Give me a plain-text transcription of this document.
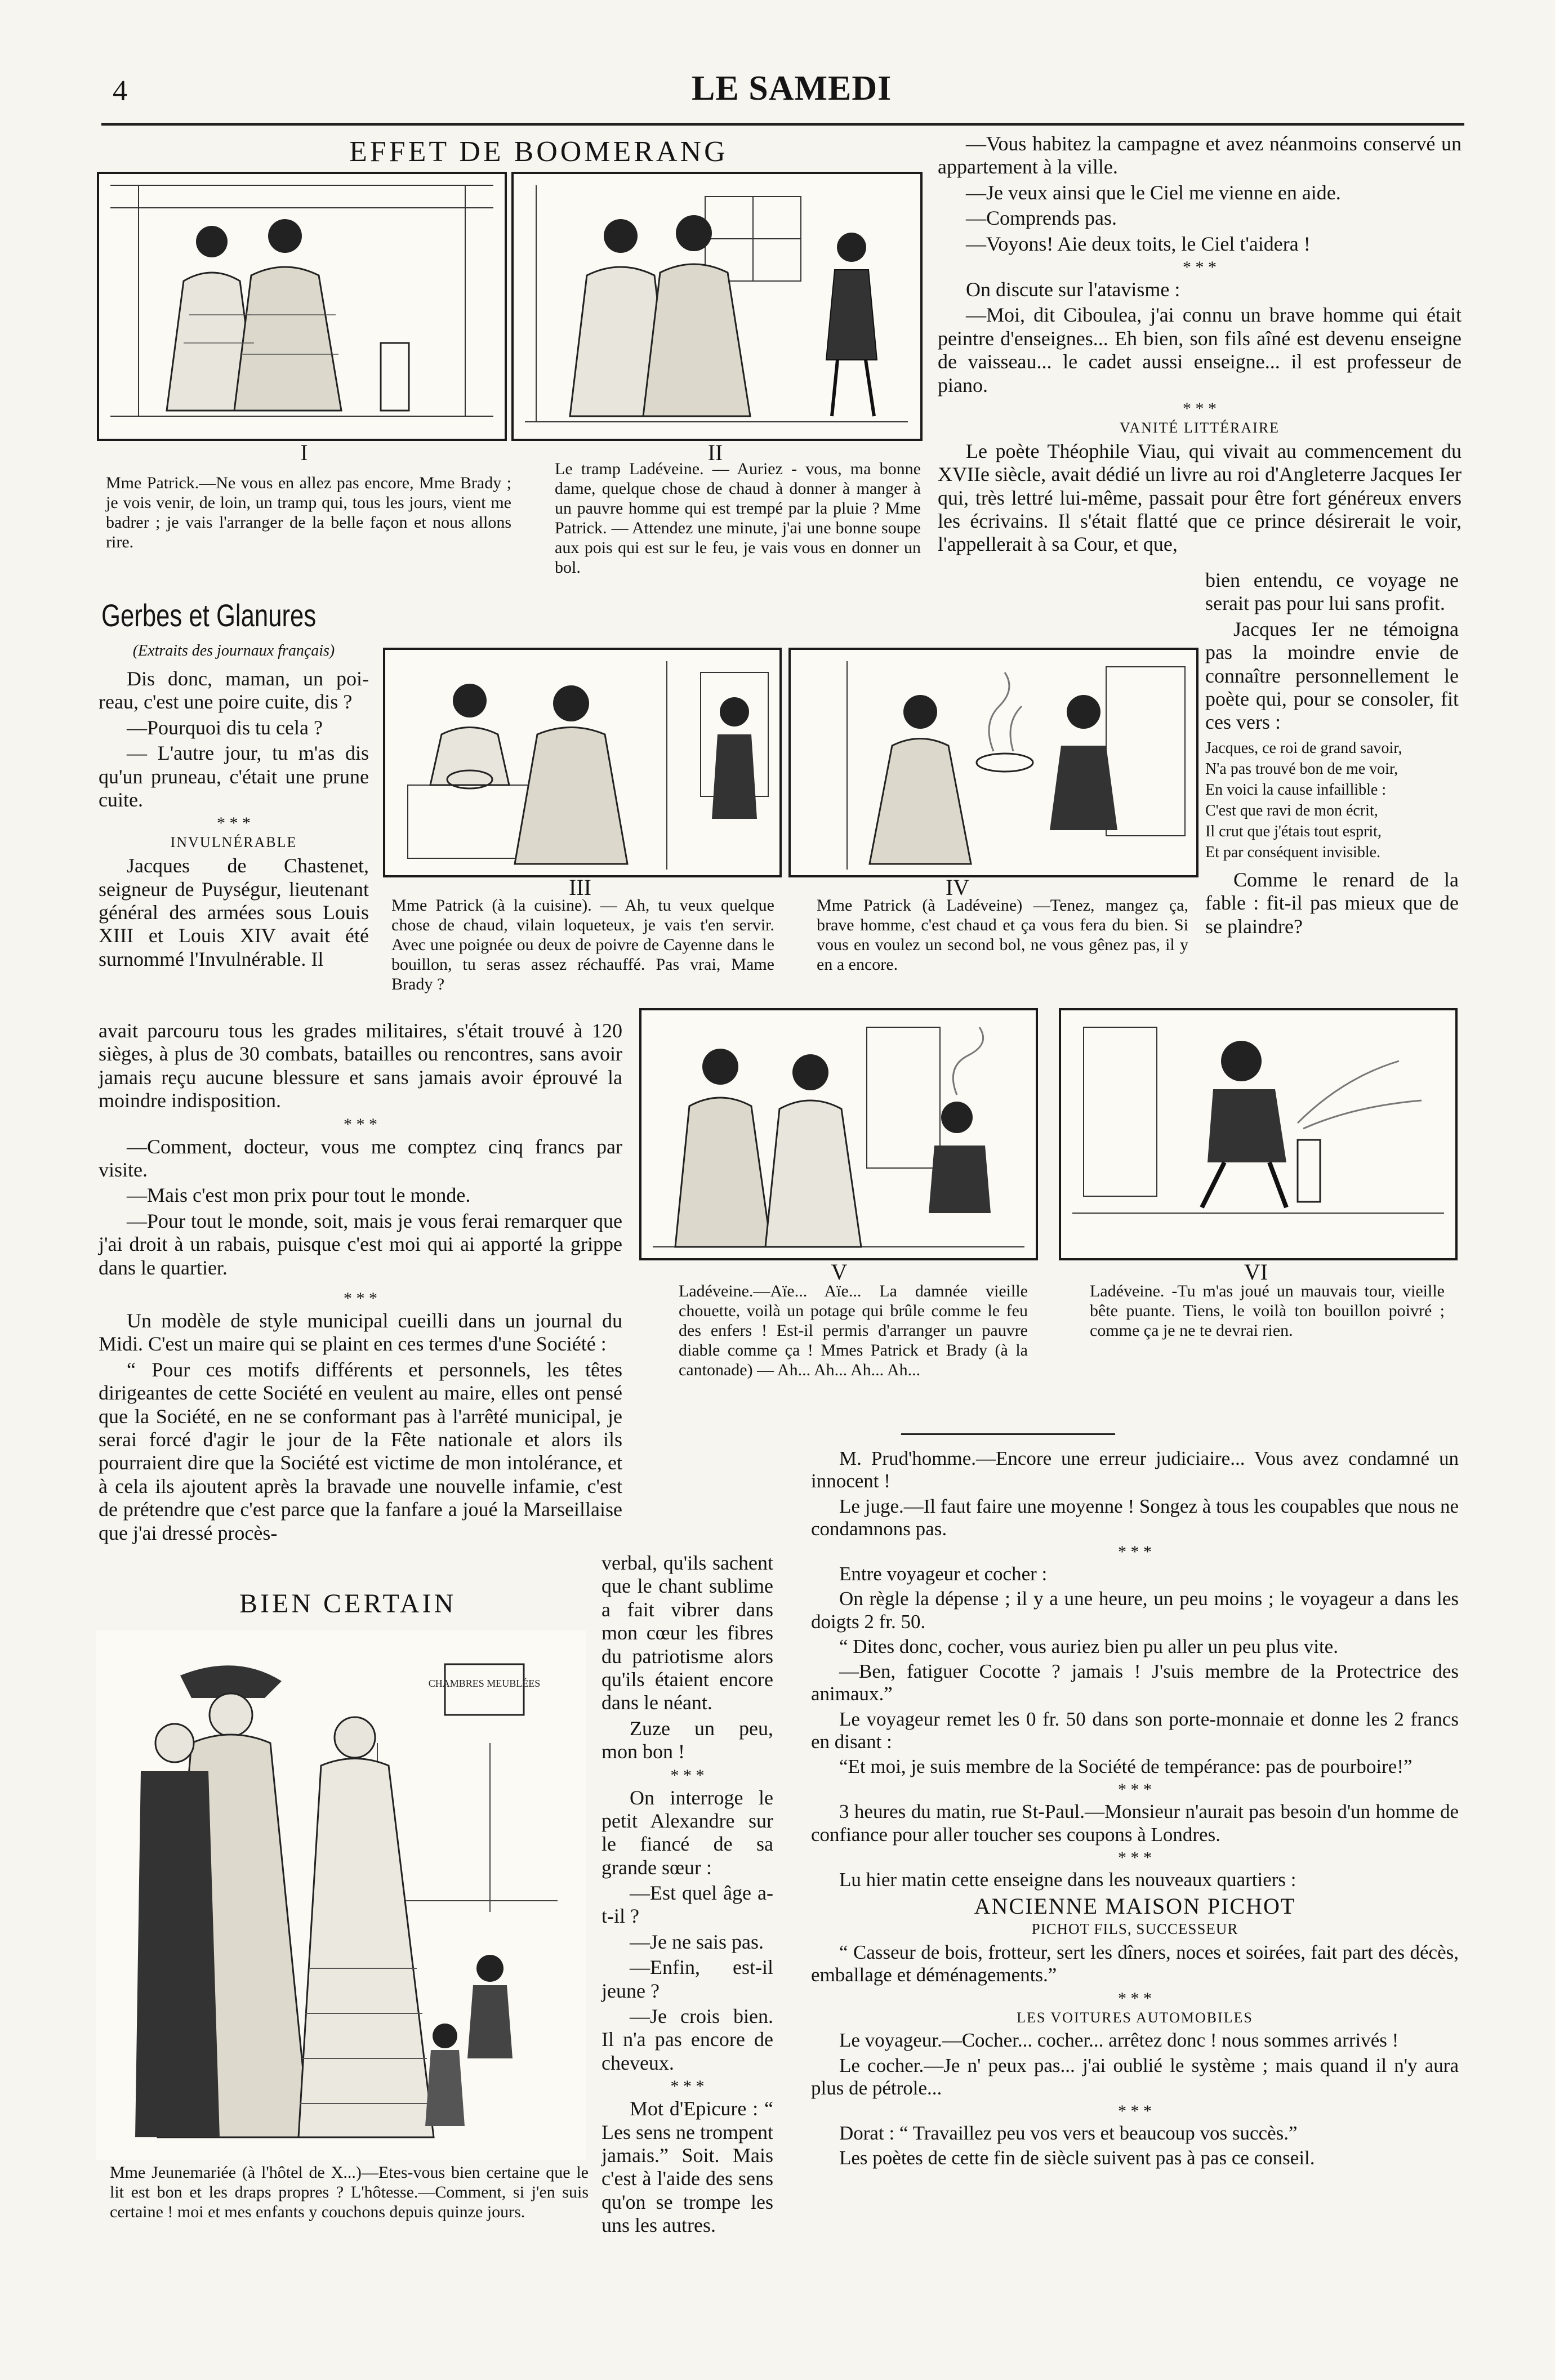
4	LE SAMEDI
EFFET DE BOOMERANG
I
Mme Patrick.—Ne vous en allez pas encore, Mme Brady ; je vois venir, de loin, un tramp qui, tous les jours, vient me badrer ; je vais l'arranger de la belle façon et nous allons rire.
II
Le tramp Ladéveine. — Auriez - vous, ma bonne dame, quelque chose de chaud à donner à manger à un pauvre homme qui est trempé par la pluie ? Mme Patrick. — Attendez une minute, j'ai une bonne soupe aux pois qui est sur le feu, je vais vous en donner un bol.
Gerbes et Glanures
(Extraits des journaux français)

Dis donc, maman, un poi-reau, c'est une poire cuite, dis ?

—Pourquoi dis tu cela ?

— L'autre jour, tu m'as dis qu'un pruneau, c'était une prune cuite.

* * *
INVULNÉRABLE

Jacques de Chastenet, seigneur de Puységur, lieutenant général des armées sous Louis XIII et Louis XIV avait été surnommé l'Invulnérable. Il

III
Mme Patrick (à la cuisine). — Ah, tu veux quelque chose de chaud, vilain loqueteux, je vais t'en servir. Avec une poignée ou deux de poivre de Cayenne dans le bouillon, tu seras assez réchauffé. Pas vrai, Mame Brady ?
IV
Mme Patrick (à Ladéveine) —Tenez, mangez ça, brave homme, c'est chaud et ça vous fera du bien. Si vous en voulez un second bol, ne vous gênez pas, il y en a encore.

avait parcouru tous les grades militaires, s'était trouvé à 120 sièges, à plus de 30 combats, batailles ou rencontres, sans avoir jamais reçu aucune blessure et sans jamais avoir éprouvé la moindre indisposition.

* * *

—Comment, docteur, vous me comptez cinq francs par visite.

—Mais c'est mon prix pour tout le monde.

—Pour tout le monde, soit, mais je vous ferai remarquer que j'ai droit à un rabais, puisque c'est moi qui ai apporté la grippe dans le quartier.	V
Ladéveine.—Aïe... Aïe... La damnée vieille chouette, voilà un potage qui brûle comme le feu des enfers ! Est-il permis d'arranger un pauvre diable comme ça ! Mmes Patrick et Brady (à la cantonade) — Ah... Ah... Ah... Ah...
VI
Ladéveine. -Tu m'as joué un mauvais tour, vieille bête puante. Tiens, le voilà ton bouillon poivré ; comme ça je ne te devrai rien.
* * *

Un modèle de style municipal cueilli dans un journal du Midi. C'est un maire qui se plaint en ces termes d'une Société :

“ Pour ces motifs différents et personnels, les têtes dirigeantes de cette Société en veulent au maire, elles ont pensé que la Société, en ne se conformant pas à l'arrêté municipal, je serai forcé d'agir le jour de la Fête nationale et alors ils pourraient dire que la Société est victime de mon intolérance, et à cela ils ajoutent après la bravade une nouvelle infamie, c'est de prétendre que c'est parce que la fanfare a joué la Marseillaise que j'ai dressé procès-

BIEN CERTAIN
CHAMBRES MEUBLÉES
Mme Jeunemariée (à l'hôtel de X...)—Etes-vous bien certaine que le lit est bon et les draps propres ? L'hôtesse.—Comment, si j'en suis certaine ! moi et mes enfants y couchons depuis quinze jours.

verbal, qu'ils sachent que le chant sublime a fait vibrer dans mon cœur les fibres du patriotisme alors qu'ils étaient encore dans le néant.

Zuze un peu, mon bon !

* * *

On interroge le petit Alexandre sur le fiancé de sa grande sœur :

—Est quel âge a-t-il ?

—Je ne sais pas.

—Enfin, est-il jeune ?

—Je crois bien. Il n'a pas encore de cheveux.

* * *

Mot d'Epicure : “ Les sens ne trompent jamais.” Soit. Mais c'est à l'aide des sens qu'on se trompe les uns les autres.

—Vous habitez la campagne et avez néanmoins conservé un appartement à la ville.

—Je veux ainsi que le Ciel me vienne en aide.

—Comprends pas.

—Voyons! Aie deux toits, le Ciel t'aidera !

* * *

On discute sur l'atavisme :

—Moi, dit Ciboulea, j'ai connu un brave homme qui était peintre d'enseignes... Eh bien, son fils aîné est devenu enseigne de vaisseau... le cadet aussi enseigne... il est professeur de piano.

* * *
VANITÉ LITTÉRAIRE

Le poète Théophile Viau, qui vivait au commencement du XVIIe siècle, avait dédié un livre au roi d'Angleterre Jacques Ier qui, très lettré lui-même, passait pour être fort généreux envers les écrivains. Il s'était flatté que ce prince désirerait le voir, l'appellerait à sa Cour, et que,

bien entendu, ce voyage ne serait pas pour lui sans profit.

Jacques Ier ne témoigna pas la moindre envie de connaître personnellement le poète qui, pour se consoler, fit ces vers :

Jacques, ce roi de grand savoir,

N'a pas trouvé bon de me voir,

En voici la cause infaillible :

C'est que ravi de mon écrit,

Il crut que j'étais tout esprit,

Et par conséquent invisible.

Comme le renard de la fable : fit-il pas mieux que de se plaindre?

M. Prud'homme.—Encore une erreur judiciaire... Vous avez condamné un innocent !

Le juge.—Il faut faire une moyenne ! Songez à tous les coupables que nous ne condamnons pas.

* * *

Entre voyageur et cocher :

On règle la dépense ; il y a une heure, un peu moins ; le voyageur a dans les doigts 2 fr. 50.

“ Dites donc, cocher, vous auriez bien pu aller un peu plus vite.

—Ben, fatiguer Cocotte ? jamais ! J'suis membre de la Protectrice des animaux.”

Le voyageur remet les 0 fr. 50 dans son porte-monnaie et donne les 2 francs en disant :

“Et moi, je suis membre de la Société de tempérance: pas de pourboire!”

* * *

3 heures du matin, rue St-Paul.—Monsieur n'aurait pas besoin d'un homme de confiance pour aller toucher ses coupons à Londres.

* * *

Lu hier matin cette enseigne dans les nouveaux quartiers :

ANCIENNE MAISON PICHOT
PICHOT FILS, SUCCESSEUR

“ Casseur de bois, frotteur, sert les dîners, noces et soirées, fait part des décès, emballage et déménagements.”

* * *
LES VOITURES AUTOMOBILES

Le voyageur.—Cocher... cocher... arrêtez donc ! nous sommes arrivés !

Le cocher.—Je n' peux pas... j'ai oublié le système ; mais quand il n'y aura plus de pétrole...

* * *

Dorat : “ Travaillez peu vos vers et beaucoup vos succès.”

Les poètes de cette fin de siècle suivent pas à pas ce conseil.
